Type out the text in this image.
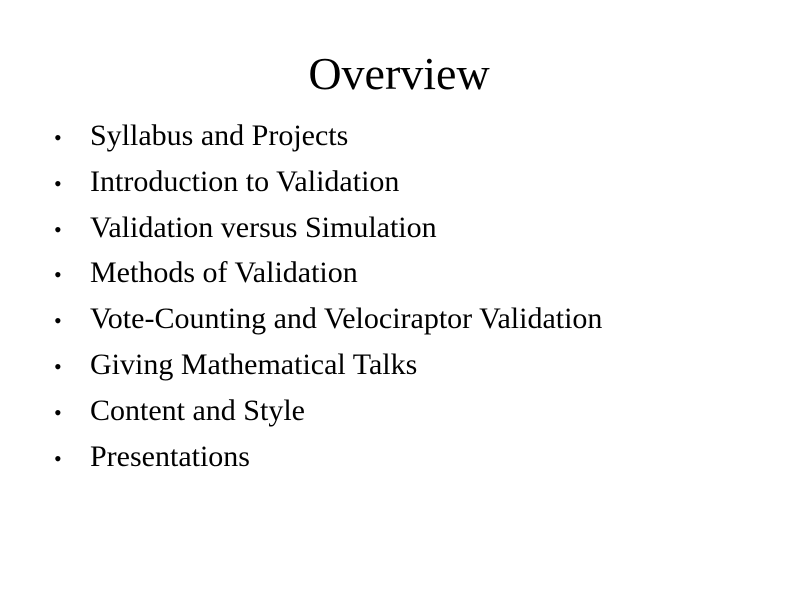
Overview
• Syllabus and Projects
• Introduction to Validation
• Validation versus Simulation
• Methods of Validation
• Vote-Counting and Velociraptor Validation
• Giving Mathematical Talks
• Content and Style
• Presentations
